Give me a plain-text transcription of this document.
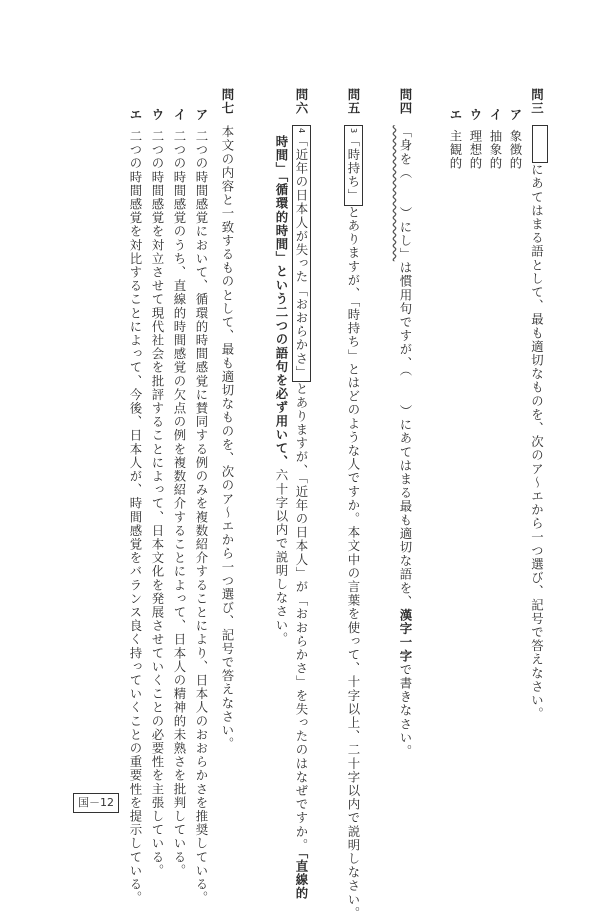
問三にあてはまる語として、最も適切なものを、次のア～エから一つ選び、記号で答えなさい。
ア象徴的
イ抽象的
ウ理想的
エ主観的
問四「身を（　　）にし」は慣用句ですが、（　　）にあてはまる最も適切な語を、漢字一字で書きなさい。
問五3「時持ち」とありますが、「時持ち」とはどのような人ですか。本文中の言葉を使って、十字以上、二十字以内で説明しなさい。
問六4「近年の日本人が失った「おおらかさ」とありますが、「近年の日本人」が「おおらかさ」を失ったのはなぜですか。「直線的
時間」「循環的時間」という二つの語句を必ず用いて、六十字以内で説明しなさい。
問七本文の内容と一致するものとして、最も適切なものを、次のア～エから一つ選び、記号で答えなさい。
ア二つの時間感覚において、循環的時間感覚に賛同する例のみを複数紹介することにより、日本人のおおらかさを推奨している。
イ二つの時間感覚のうち、直線的時間感覚の欠点の例を複数紹介することによって、日本人の精神的未熟さを批判している。
ウ二つの時間感覚を対立させて現代社会を批評することによって、日本文化を発展させていくことの必要性を主張している。
エ二つの時間感覚を対比することによって、今後、日本人が、時間感覚をバランス良く持っていくことの重要性を提示している。
国－12
